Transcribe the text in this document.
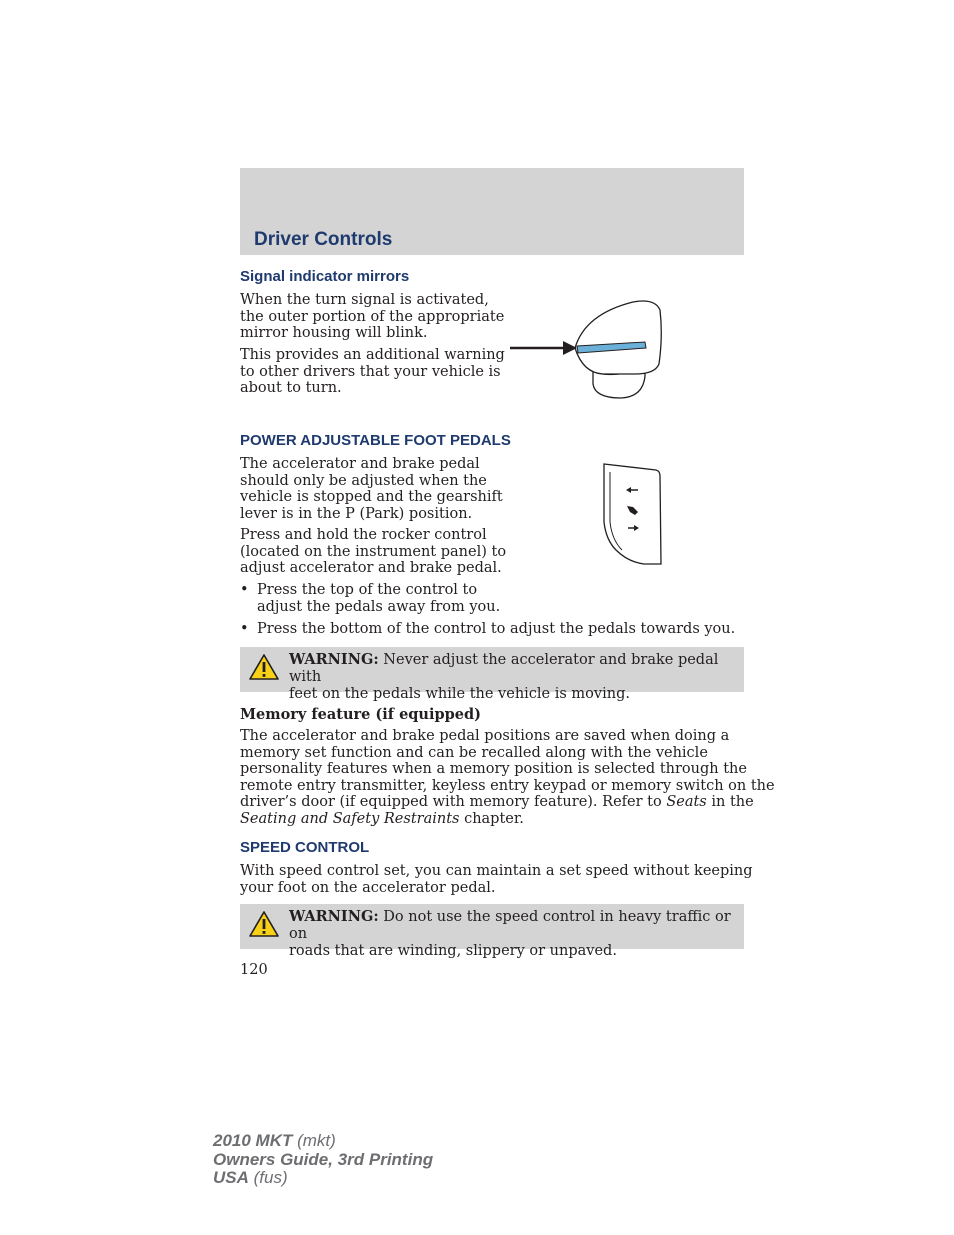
Driver Controls
Signal indicator mirrors
When the turn signal is activated,
the outer portion of the appropriate
mirror housing will blink.
This provides an additional warning
to other drivers that your vehicle is
about to turn.
POWER ADJUSTABLE FOOT PEDALS
The accelerator and brake pedal
should only be adjusted when the
vehicle is stopped and the gearshift
lever is in the P (Park) position.
Press and hold the rocker control
(located on the instrument panel) to
adjust accelerator and brake pedal.
• Press the top of the control to
adjust the pedals away from you.
• Press the bottom of the control to adjust the pedals towards you.
WARNING: Never adjust the accelerator and brake pedal with
feet on the pedals while the vehicle is moving.
Memory feature (if equipped)
The accelerator and brake pedal positions are saved when doing a
memory set function and can be recalled along with the vehicle
personality features when a memory position is selected through the
remote entry transmitter, keyless entry keypad or memory switch on the
driver’s door (if equipped with memory feature). Refer to Seats in the
Seating and Safety Restraints chapter.
SPEED CONTROL
With speed control set, you can maintain a set speed without keeping
your foot on the accelerator pedal.
WARNING: Do not use the speed control in heavy traffic or on
roads that are winding, slippery or unpaved.
120
2010 MKT (mkt)
Owners Guide, 3rd Printing
USA (fus)
